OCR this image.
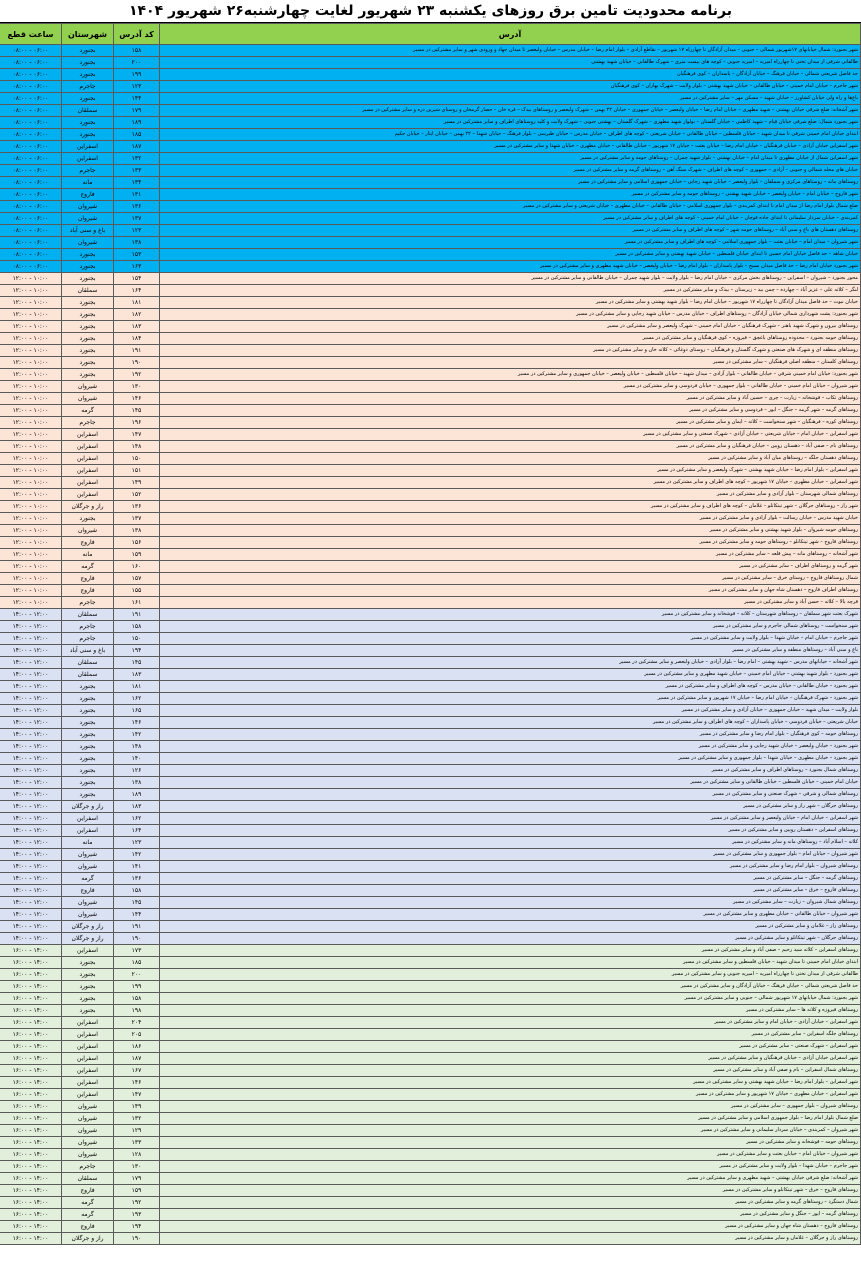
برنامه محدودیت تامین برق روزهای یکشنبه ۲۳ شهریور لغایت چهارشنبه۲۶ شهریور ۱۴۰۴
آدرس	کد آدرس	شهرستان	ساعت قطع
شهر بجنورد: شمال خیابانهای ۱۷شهریور شمالی – جنوبی – میدان آزادگان تا چهارراه ۱۷ شهریور – تقاطع آزادی – بلوار امام رضا – خیابان مدرس – خیابان ولیعصر تا میدان جهاد و ورودی شهر و سایر مشترکین در مسیر	۱۵۸	بجنورد	۰۶:۰۰ - ۰۸:۰۰
طالقانی شرقی از میدان تختی تا چهارراه امیریه – امیریه جنوبی – کوچه های بیست متری – شهرک طالقانی – خیابان شهید بهشتی	۲۰۰	بجنورد	۰۶:۰۰ - ۰۸:۰۰
حد فاصل شریعتی شمالی – خیابان فرهنگ – خیابان آزادگان – پاسداران – کوی فرهنگیان	۱۹۹	بجنورد	۰۶:۰۰ - ۰۸:۰۰
شهر جاجرم – خیابان امام خمینی – خیابان طالقانی – خیابان شهید بهشتی – بلوار ولایت – شهرک بهاران – کوی فرهنگیان	۱۲۳	جاجرم	۰۶:۰۰ - ۰۸:۰۰
باغ‌ها و راه ولی خیابان کشاورز – خیابان شهید – مسکن مهر – سایر مشترکین در مسیر	۱۴۴	بجنورد	۰۶:۰۰ - ۰۸:۰۰
شهر آشخانه: ضلع شرقی خیابان بهشتی – شهید مطهری – خیابان امام رضا – خیابان ولیعصر – خیابان جمهوری – خیابان ۲۲ بهمن – شهرک ولیعصر و روستاهای بیدک – قره خان – حصار گرمخان و روستای شیرین دره و سایر مشترکین در مسیر	۱۷۹	سملقان	۰۶:۰۰ - ۰۸:۰۰
شهر بجنورد شمال: ضلع شرقی خیابان قیام – شهید کاظمی – خیابان گلستان – بولوار شهید مطهری – شهرک گلستان – بهشتی جنوبی – شهرک ولایت و کلیه روستاهای اطراف و سایر مشترکین در مسیر	۱۸۹	بجنورد	۰۶:۰۰ - ۰۸:۰۰
ابتدای خیابان امام خمینی شرقی تا میدان شهید – خیابان فلسطین – خیابان طالقانی – خیابان شریعتی – کوچه های اطراف – خیابان مدرس – خیابان طبرسی – بلوار فرهنگ – خیابان شهدا – ۲۲ بهمن – خیابان ایثار – خیابان حکیم	۱۸۵	بجنورد	۰۶:۰۰ - ۰۸:۰۰
شهر اسفراین خیابان آزادی – خیابان فرهنگیان – خیابان امام رضا – خیابان بعثت – خیابان ۱۷ شهریور – خیابان طالقانی – خیابان مطهری – خیابان شهدا و سایر مشترکین در مسیر	۱۸۷	اسفراین	۰۶:۰۰ - ۰۸:۰۰
شهر اسفراین شمال از خیابان مطهری تا میدان امام – خیابان بهشتی – بلوار شهید چمران – روستاهای حومه و سایر مشترکین در مسیر	۱۳۲	اسفراین	۰۶:۰۰ - ۰۸:۰۰
خیابان های محله شمالی و جنوبی – آزادی – جمهوری – کوچه های اطراف – شهرک سنگ آهن – روستاهای گرمه و سایر مشترکین در مسیر	۱۳۳	جاجرم	۰۶:۰۰ - ۰۸:۰۰
روستاهای مانه – روستاهای مرکزی و سملقان – بلوار ولیعصر – خیابان شهید رجایی – خیابان جمهوری اسلامی و سایر مشترکین در مسیر	۱۳۴	مانه	۰۶:۰۰ - ۰۸:۰۰
شهر فاروج – خیابان امام – خیابان ولیعصر – خیابان شهید بهشتی – روستاهای حومه و سایر مشترکین در مسیر	۱۳۱	فاروج	۰۶:۰۰ - ۰۸:۰۰
ضلع شمال بلوار امام رضا از میدان امام تا ابتدای کمربندی – بلوار جمهوری اسلامی – خیابان طالقانی – خیابان مطهری – خیابان شریعتی و سایر مشترکین در مسیر	۱۳۶	شیروان	۰۶:۰۰ - ۰۸:۰۰
کمربندی – خیابان سردار سلیمانی تا ابتدای جاده قوچان – خیابان امام خمینی – کوچه های اطراف و سایر مشترکین در مسیر	۱۳۷	شیروان	۰۶:۰۰ - ۰۸:۰۰
روستاهای دهستان های باغ و سنی آباد – روستاهای حومه شهر – کوچه های اطراف و سایر مشترکین در مسیر	۱۲۳	باغ و سنی آباد	۰۶:۰۰ - ۰۸:۰۰
شهر شیروان – میدان امام – خیابان بعثت – بلوار جمهوری اسلامی – کوچه های اطراف و سایر مشترکین در مسیر	۱۳۸	شیروان	۰۶:۰۰ - ۰۸:۰۰
خیابان شاهد – حد فاصل خیابان امام حسین تا ابتدای خیابان فلسطین – خیابان شهید بهشتی و سایر مشترکین در مسیر	۱۵۳	بجنورد	۰۶:۰۰ - ۰۸:۰۰
شهر بجنورد خیابان امام رضا – حد فاصل میدان بسیج – بلوار پاسداران – بلوار امام رضا – خیابان ولیعصر – خیابان شهید مطهری و سایر مشترکین در مسیر	۱۶۳	بجنورد	۰۶:۰۰ - ۰۸:۰۰
محور بجنورد – شیروان – اسفراین – روستاهای بخش مرکزی – خیابان امام رضا – بلوار ولایت – بلوار شهید چمران – خیابان طالقانی و سایر مشترکین در مسیر	۱۵۴	بجنورد	۱۰:۰۰ - ۱۲:۰۰
لنگر – کلاته علی – عزیز آباد – چهارده – چمن بید – زیرستان – بیدک و سایر مشترکین در مسیر	۱۶۴	سملقان	۱۰:۰۰ - ۱۲:۰۰
خیابان نبوت – حد فاصل میدان آزادگان تا چهارراه ۱۷ شهریور – خیابان امام رضا – بلوار شهید بهشتی و سایر مشترکین در مسیر	۱۸۱	بجنورد	۱۰:۰۰ - ۱۲:۰۰
شهر بجنورد: پشت شهرداری شمالی خیابان آزادگان – روستاهای اطراف – خیابان مدرس – خیابان شهید رجایی و سایر مشترکین در مسیر	۱۸۲	بجنورد	۱۰:۰۰ - ۱۲:۰۰
روستاهای بیرون و شهرک شهید باهنر – شهرک فرهنگیان – خیابان امام خمینی – شهرک ولیعصر و سایر مشترکین در مسیر	۱۸۳	بجنورد	۱۰:۰۰ - ۱۲:۰۰
روستاهای حومه بجنورد – محدوده روستاهای باغچق – فیروزه – کوی فرهنگیان و سایر مشترکین در مسیر	۱۸۴	بجنورد	۱۰:۰۰ - ۱۲:۰۰
روستاهای منطقه ای و شهرک های صنعتی و شهرک گلستان و فرهنگیان – روستای دوغائی – کلاته خان و سایر مشترکین در مسیر	۱۹۱	بجنورد	۱۰:۰۰ - ۱۲:۰۰
روستاهای کلستان – منطقه اصلی فرهنگیان – سایر مشترکین در مسیر	۱۹۰	بجنورد	۱۰:۰۰ - ۱۲:۰۰
شهر بجنورد: خیابان امام خمینی شرقی – خیابان طالقانی – بلوار آزادی – میدان شهید – خیابان فلسطین – خیابان ولیعصر – خیابان جمهوری و سایر مشترکین در مسیر	۱۹۲	بجنورد	۱۰:۰۰ - ۱۲:۰۰
شهر شیروان – خیابان امام خمینی – خیابان طالقانی – بلوار جمهوری – خیابان فردوسی و سایر مشترکین در مسیر	۱۳۰	شیروان	۱۰:۰۰ - ۱۲:۰۰
روستاهای تکاب – قوشخانه – زیارت – چری – حسین آباد و سایر مشترکین در مسیر	۱۴۶	شیروان	۱۰:۰۰ - ۱۲:۰۰
روستاهای گرمه – شهر گرمه – جنگل – ایور – فردوسی و سایر مشترکین در مسیر	۱۴۵	گرمه	۱۰:۰۰ - ۱۲:۰۰
روستاهای کوره – فرهنگیان – شهر سنخواست – کلاته – ایمان و سایر مشترکین در مسیر	۱۹۶	جاجرم	۱۰:۰۰ - ۱۲:۰۰
شهر اسفراین – خیابان امام – خیابان شریعتی – خیابان آزادی – شهرک صنعتی و سایر مشترکین در مسیر	۱۴۷	اسفراین	۱۰:۰۰ - ۱۲:۰۰
روستاهای بام – صفی آباد – دهستان رویین – خیابان فرهنگیان و سایر مشترکین در مسیر	۱۴۸	اسفراین	۱۰:۰۰ - ۱۲:۰۰
روستاهای دهستان جلگه – روستاهای میان آباد و سایر مشترکین در مسیر	۱۵۰	اسفراین	۱۰:۰۰ - ۱۲:۰۰
شهر اسفراین – بلوار امام رضا – خیابان شهید بهشتی – شهرک ولیعصر و سایر مشترکین در مسیر	۱۵۱	اسفراین	۱۰:۰۰ - ۱۲:۰۰
شهر اسفراین – خیابان مطهری – خیابان ۱۷ شهریور – کوچه های اطراف و سایر مشترکین در مسیر	۱۴۹	اسفراین	۱۰:۰۰ - ۱۲:۰۰
روستاهای شمالی شهرستان – بلوار آزادی و سایر مشترکین در مسیر	۱۵۲	اسفراین	۱۰:۰۰ - ۱۲:۰۰
شهر راز – روستاهای جرگلان – شهر تیتکانلو – غلامان – کوچه های اطراف و سایر مشترکین در مسیر	۱۳۶	راز و جرگلان	۱۰:۰۰ - ۱۲:۰۰
خیابان شهید مدرس – خیابان رسالت – بلوار آزادی و سایر مشترکین در مسیر	۱۳۷	بجنورد	۱۰:۰۰ - ۱۲:۰۰
روستاهای حومه شیروان – بلوار شهید بهشتی و سایر مشترکین در مسیر	۱۳۸	شیروان	۱۰:۰۰ - ۱۲:۰۰
روستاهای فاروج – شهر تیتکانلو – روستاهای حومه و سایر مشترکین در مسیر	۱۵۶	فاروج	۱۰:۰۰ - ۱۲:۰۰
شهر آشخانه – روستاهای مانه – پیش قلعه – سایر مشترکین در مسیر	۱۵۹	مانه	۱۰:۰۰ - ۱۲:۰۰
شهر گرمه و روستاهای اطراف – سایر مشترکین در مسیر	۱۶۰	گرمه	۱۰:۰۰ - ۱۲:۰۰
شمال روستاهای فاروج – روستای خرق – سایر مشترکین در مسیر	۱۵۷	فاروج	۱۰:۰۰ - ۱۲:۰۰
روستاهای اطراف فاروج – دهستان شاه جهان و سایر مشترکین در مسیر	۱۵۵	فاروج	۱۰:۰۰ - ۱۲:۰۰
قرچه بالا – کلاته – حسن آباد و سایر مشترکین در مسیر	۱۶۱	جاجرم	۱۰:۰۰ - ۱۲:۰۰
شهرک بعثت شهر سملقان – روستاهای شهرستان – کلاته – قوشخانه و سایر مشترکین در مسیر	۱۹۱	سملقان	۱۲:۰۰ - ۱۴:۰۰
شهر سنخواست – روستاهای شمالی جاجرم و سایر مشترکین در مسیر	۱۵۸	جاجرم	۱۲:۰۰ - ۱۴:۰۰
شهر جاجرم – خیابان امام – خیابان شهدا – بلوار ولایت و سایر مشترکین در مسیر	۱۵۰	جاجرم	۱۲:۰۰ - ۱۴:۰۰
باغ و سنی آباد – روستاهای منطقه و سایر مشترکین در مسیر	۱۹۴	باغ و سنی آباد	۱۲:۰۰ - ۱۴:۰۰
شهر آشخانه – خیابانهای مدرس – شهید بهشتی – امام رضا – بلوار آزادی – خیابان ولیعصر و سایر مشترکین در مسیر	۱۴۵	سملقان	۱۲:۰۰ - ۱۴:۰۰
شهر بجنورد – بلوار شهید بهشتی – خیابان امام خمینی – خیابان شهید مطهری و سایر مشترکین در مسیر	۱۸۳	سملقان	۱۲:۰۰ - ۱۴:۰۰
شهر بجنورد – خیابان طالقانی – خیابان مدرس – کوچه های اطراف و سایر مشترکین در مسیر	۱۸۱	بجنورد	۱۲:۰۰ - ۱۴:۰۰
شهر بجنورد – شهرک فرهنگیان – خیابان امام رضا – خیابان ۱۷ شهریور و سایر مشترکین در مسیر	۱۶۲	بجنورد	۱۲:۰۰ - ۱۴:۰۰
بلوار ولایت – میدان شهید – خیابان جمهوری – خیابان آزادی و سایر مشترکین در مسیر	۱۶۵	بجنورد	۱۲:۰۰ - ۱۴:۰۰
خیابان شریعتی – خیابان فردوسی – خیابان پاسداران – کوچه های اطراف و سایر مشترکین در مسیر	۱۴۶	بجنورد	۱۲:۰۰ - ۱۴:۰۰
روستاهای حومه – کوی فرهنگیان – بلوار امام رضا و سایر مشترکین در مسیر	۱۴۲	بجنورد	۱۲:۰۰ - ۱۴:۰۰
شهر بجنورد – خیابان ولیعصر – خیابان شهید رجایی و سایر مشترکین در مسیر	۱۴۸	بجنورد	۱۲:۰۰ - ۱۴:۰۰
شهر بجنورد – خیابان مطهری – خیابان شهدا – بلوار جمهوری و سایر مشترکین در مسیر	۱۴۰	بجنورد	۱۲:۰۰ - ۱۴:۰۰
روستاهای شمال بجنورد – روستاهای اطراف و سایر مشترکین در مسیر	۱۲۶	بجنورد	۱۲:۰۰ - ۱۴:۰۰
خیابان امام خمینی – خیابان فلسطین – خیابان طالقانی و سایر مشترکین در مسیر	۱۳۸	بجنورد	۱۲:۰۰ - ۱۴:۰۰
روستاهای شمالی و شرقی – شهرک صنعتی و سایر مشترکین در مسیر	۱۸۹	بجنورد	۱۲:۰۰ - ۱۴:۰۰
روستاهای جرگلان – شهر راز و سایر مشترکین در مسیر	۱۸۳	راز و جرگلان	۱۲:۰۰ - ۱۴:۰۰
شهر اسفراین – خیابان امام – خیابان ولیعصر و سایر مشترکین در مسیر	۱۶۲	اسفراین	۱۲:۰۰ - ۱۴:۰۰
روستاهای اسفراین – دهستان رویین و سایر مشترکین در مسیر	۱۶۴	اسفراین	۱۲:۰۰ - ۱۴:۰۰
کلاته – اسلام آباد – روستاهای مانه و سایر مشترکین در مسیر	۱۲۳	مانه	۱۲:۰۰ - ۱۴:۰۰
شهر شیروان – خیابان امام – بلوار جمهوری و سایر مشترکین در مسیر	۱۴۲	شیروان	۱۲:۰۰ - ۱۴:۰۰
روستاهای شیروان – بلوار امام رضا و سایر مشترکین در مسیر	۱۴۱	شیروان	۱۲:۰۰ - ۱۴:۰۰
روستاهای گرمه – جنگل – سایر مشترکین در مسیر	۱۳۶	گرمه	۱۲:۰۰ - ۱۴:۰۰
روستاهای فاروج – خرق – سایر مشترکین در مسیر	۱۵۸	فاروج	۱۲:۰۰ - ۱۴:۰۰
روستاهای شمال شیروان – زیارت – سایر مشترکین در مسیر	۱۴۵	شیروان	۱۲:۰۰ - ۱۴:۰۰
شهر شیروان – خیابان طالقانی – خیابان مطهری و سایر مشترکین در مسیر	۱۴۴	شیروان	۱۲:۰۰ - ۱۴:۰۰
روستاهای راز – غلامان و سایر مشترکین در مسیر	۱۹۱	راز و جرگلان	۱۲:۰۰ - ۱۴:۰۰
روستاهای جرگلان – شهر تیتکانلو و سایر مشترکین در مسیر	۱۹۰	راز و جرگلان	۱۲:۰۰ - ۱۴:۰۰
روستاهای اسفراین – کلاته سید رحیم – صفی آباد و سایر مشترکین در مسیر	۱۷۳	اسفراین	۱۴:۰۰ - ۱۶:۰۰
ابتدای خیابان امام خمینی تا میدان شهید – خیابان فلسطین و سایر مشترکین در مسیر	۱۸۵	بجنورد	۱۴:۰۰ - ۱۶:۰۰
طالقانی شرقی از میدان تختی تا چهارراه امیریه – امیریه جنوبی و سایر مشترکین در مسیر	۲۰۰	بجنورد	۱۴:۰۰ - ۱۶:۰۰
حد فاصل شریعتی شمالی – خیابان فرهنگ – خیابان آزادگان و سایر مشترکین در مسیر	۱۹۹	بجنورد	۱۴:۰۰ - ۱۶:۰۰
شهر بجنورد: شمال خیابانهای ۱۷ شهریور شمالی – جنوبی و سایر مشترکین در مسیر	۱۵۸	بجنورد	۱۴:۰۰ - ۱۶:۰۰
روستاهای فیروزه و کلاته ها – سایر مشترکین در مسیر	۱۹۸	بجنورد	۱۴:۰۰ - ۱۶:۰۰
شهر اسفراین – خیابان آزادی – خیابان امام و سایر مشترکین در مسیر	۲۰۴	اسفراین	۱۴:۰۰ - ۱۶:۰۰
روستاهای جلگه اسفراین – سایر مشترکین در مسیر	۲۰۵	اسفراین	۱۴:۰۰ - ۱۶:۰۰
شهر اسفراین – شهرک صنعتی – سایر مشترکین در مسیر	۱۸۶	اسفراین	۱۴:۰۰ - ۱۶:۰۰
شهر اسفراین خیابان آزادی – خیابان فرهنگیان و سایر مشترکین در مسیر	۱۸۷	اسفراین	۱۴:۰۰ - ۱۶:۰۰
روستاهای شمال اسفراین – بام و صفی آباد و سایر مشترکین در مسیر	۱۶۷	اسفراین	۱۴:۰۰ - ۱۶:۰۰
شهر اسفراین – بلوار امام رضا – خیابان شهید بهشتی و سایر مشترکین در مسیر	۱۴۶	اسفراین	۱۴:۰۰ - ۱۶:۰۰
شهر اسفراین – خیابان مطهری – خیابان ۱۷ شهریور و سایر مشترکین در مسیر	۱۴۷	اسفراین	۱۴:۰۰ - ۱۶:۰۰
روستاهای شیروان – بلوار جمهوری – سایر مشترکین در مسیر	۱۴۹	شیروان	۱۴:۰۰ - ۱۶:۰۰
ضلع شمال بلوار امام رضا – بلوار جمهوری اسلامی و سایر مشترکین در مسیر	۱۳۲	شیروان	۱۴:۰۰ - ۱۶:۰۰
شهر شیروان – کمربندی – خیابان سردار سلیمانی و سایر مشترکین در مسیر	۱۲۹	شیروان	۱۴:۰۰ - ۱۶:۰۰
روستاهای حومه – قوشخانه و سایر مشترکین در مسیر	۱۳۳	شیروان	۱۴:۰۰ - ۱۶:۰۰
شهر شیروان – خیابان امام – خیابان بعثت و سایر مشترکین در مسیر	۱۲۸	شیروان	۱۴:۰۰ - ۱۶:۰۰
شهر جاجرم – خیابان شهدا – بلوار ولایت و سایر مشترکین در مسیر	۱۳۰	جاجرم	۱۴:۰۰ - ۱۶:۰۰
شهر آشخانه: ضلع شرقی خیابان بهشتی – شهید مطهری و سایر مشترکین در مسیر	۱۷۹	سملقان	۱۴:۰۰ - ۱۶:۰۰
روستاهای فاروج – خرق – شهر تیتکانلو و سایر مشترکین در مسیر	۱۵۹	فاروج	۱۴:۰۰ - ۱۶:۰۰
شمال دستگرد – روستاهای گرمه و سایر مشترکین در مسیر	۱۹۲	گرمه	۱۴:۰۰ - ۱۶:۰۰
روستاهای گرمه – ایور – جنگل و سایر مشترکین در مسیر	۱۹۳	گرمه	۱۴:۰۰ - ۱۶:۰۰
روستاهای فاروج – دهستان شاه جهان و سایر مشترکین در مسیر	۱۹۴	فاروج	۱۴:۰۰ - ۱۶:۰۰
روستاهای راز و جرگلان – غلامان و سایر مشترکین در مسیر	۱۹۰	راز و جرگلان	۱۴:۰۰ - ۱۶:۰۰
